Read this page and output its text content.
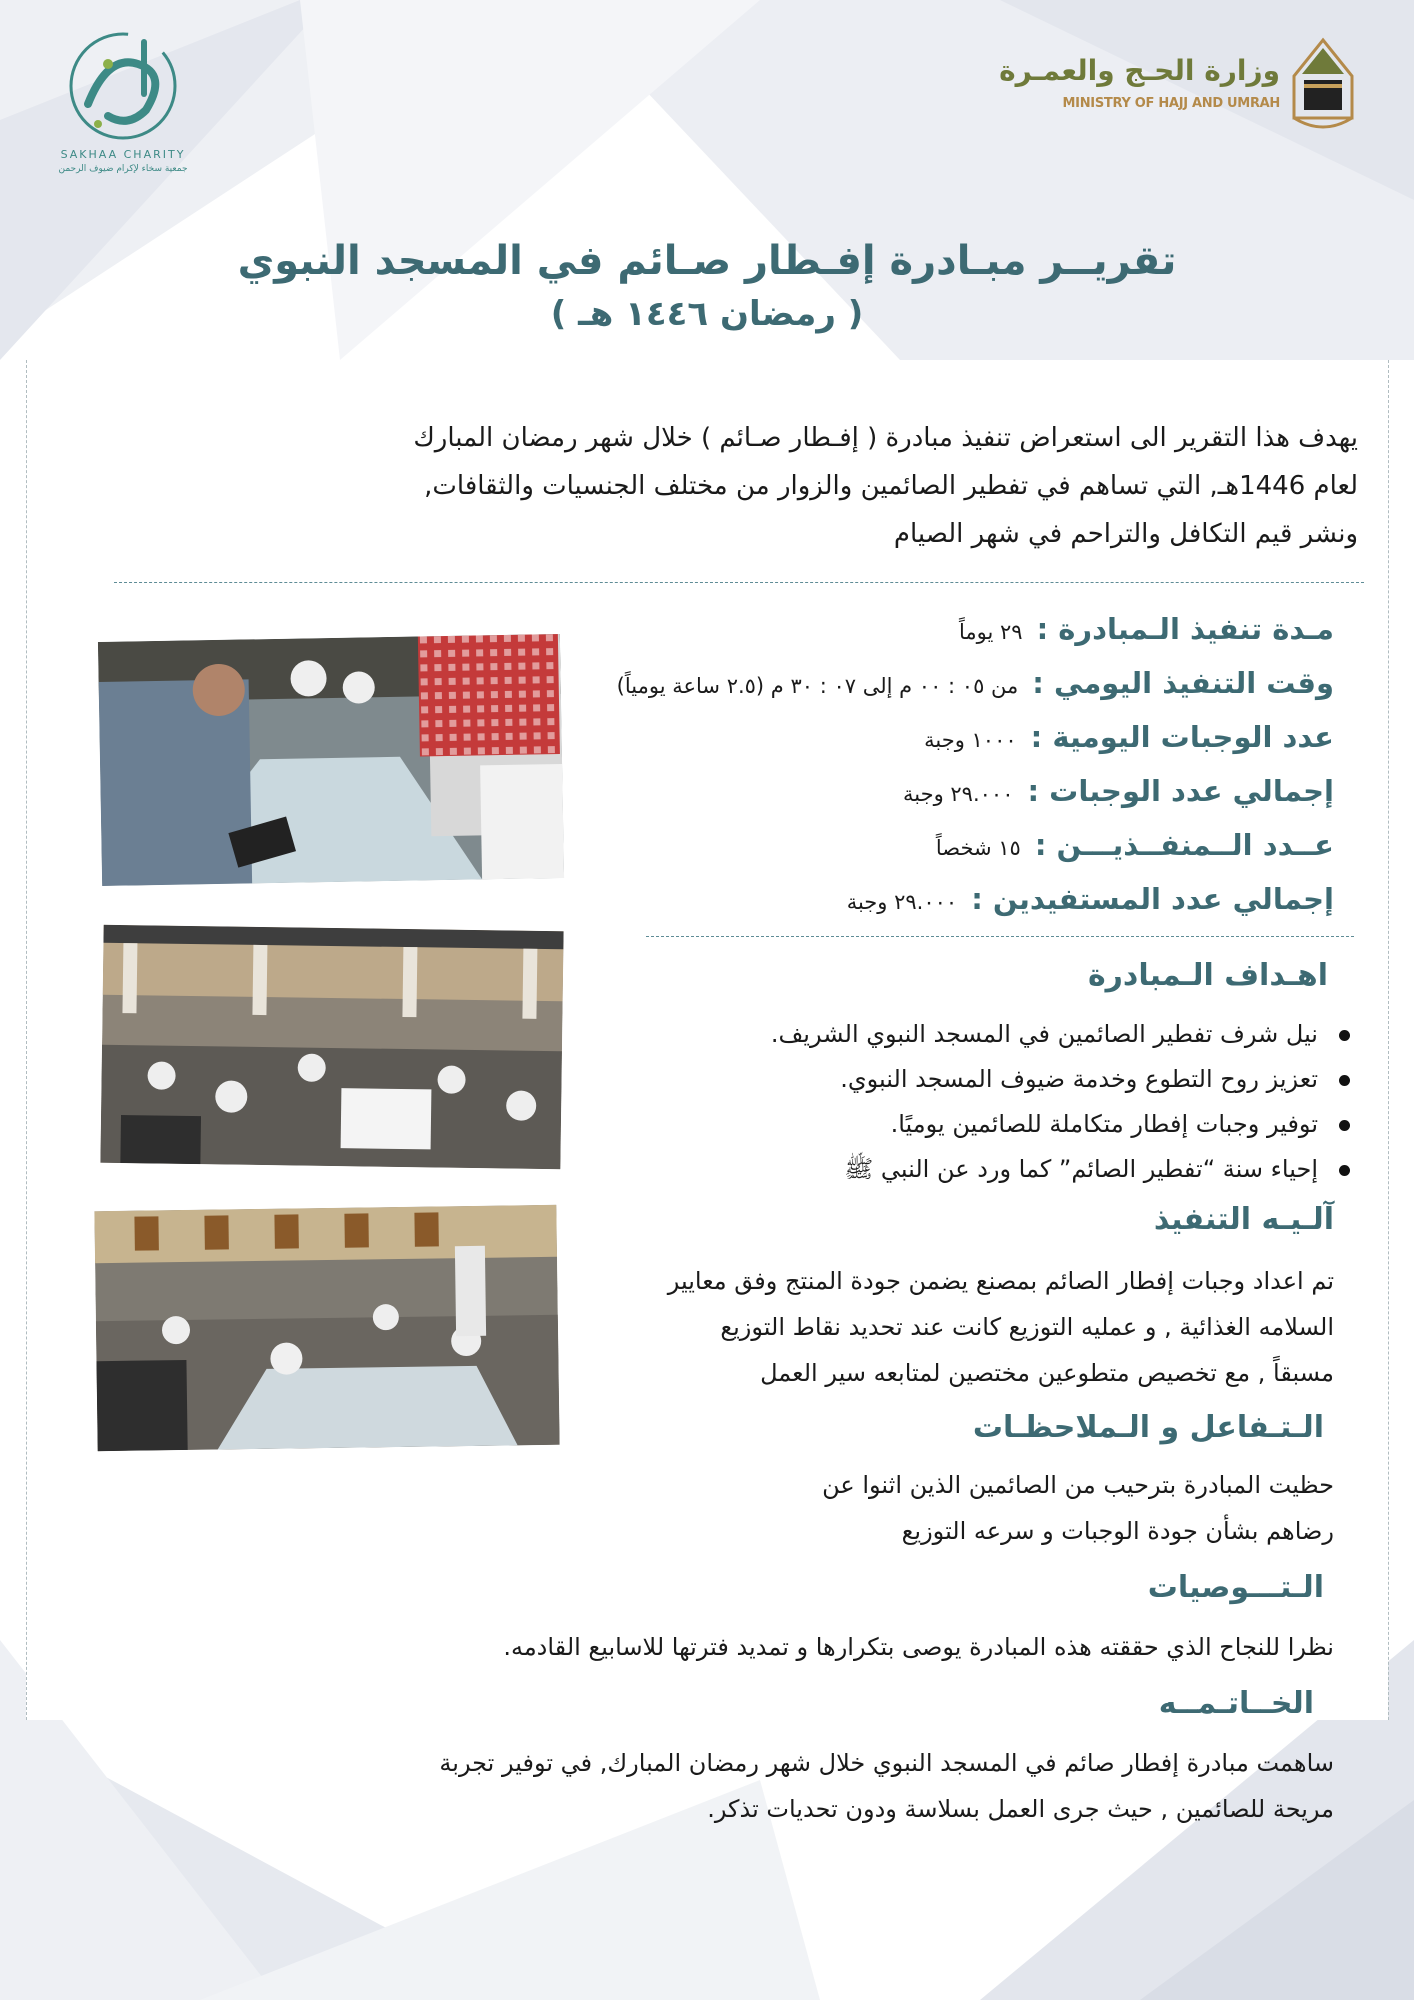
وزارة الحـج والعمـرة
MINISTRY OF HAJJ AND UMRAH
SAKHAA CHARITY
جمعية سخاء لإكرام ضيوف الرحمن
تقريــر مبـادرة إفـطار صـائم في المسجد النبوي
( رمضان ١٤٤٦ هـ )
يهدف هذا التقرير الى استعراض تنفيذ مبادرة ( إفـطار صـائم ) خلال شهر رمضان المبارك
لعام 1446هـ, التي تساهم في تفطير الصائمين والزوار من مختلف الجنسيات والثقافات,
ونشر قيم التكافل والتراحم في شهر الصيام
مـدة تنفيذ الـمبادرة :٢٩ يوماً
وقت التنفيذ اليومي :من ٠٥ : ٠٠ م إلى ٠٧ : ٣٠ م (٢.٥ ساعة يومياً)
عدد الوجبات اليومية :١٠٠٠ وجبة
إجمالي عدد الوجبات :٢٩.٠٠٠ وجبة
عــدد الــمنفــذيـــن :١٥ شخصاً
إجمالي عدد المستفيدين :٢٩.٠٠٠ وجبة
اهـداف الـمبادرة
نيل شرف تفطير الصائمين في المسجد النبوي الشريف.
تعزيز روح التطوع وخدمة ضيوف المسجد النبوي.
توفير وجبات إفطار متكاملة للصائمين يوميًا.
إحياء سنة “تفطير الصائم” كما ورد عن النبي ﷺ
آلـيـه التنفيذ
تم اعداد وجبات إفطار الصائم بمصنع يضمن جودة المنتج وفق معايير
السلامه الغذائية , و عمليه التوزيع كانت عند تحديد نقاط التوزيع
مسبقاً , مع تخصيص متطوعين مختصين لمتابعه سير العمل
الـتـفاعل و الـملاحظـات
حظيت المبادرة بترحيب من الصائمين الذين اثنوا عن
رضاهم بشأن جودة الوجبات و سرعه التوزيع
الـتـــوصيات
نظرا للنجاح الذي حققته هذه المبادرة يوصى بتكرارها و تمديد فترتها للاسابيع القادمه.
الخــاتـمــه
ساهمت مبادرة إفطار صائم في المسجد النبوي خلال شهر رمضان المبارك, في توفير تجربة
مريحة للصائمين , حيث جرى العمل بسلاسة ودون تحديات تذكر.
